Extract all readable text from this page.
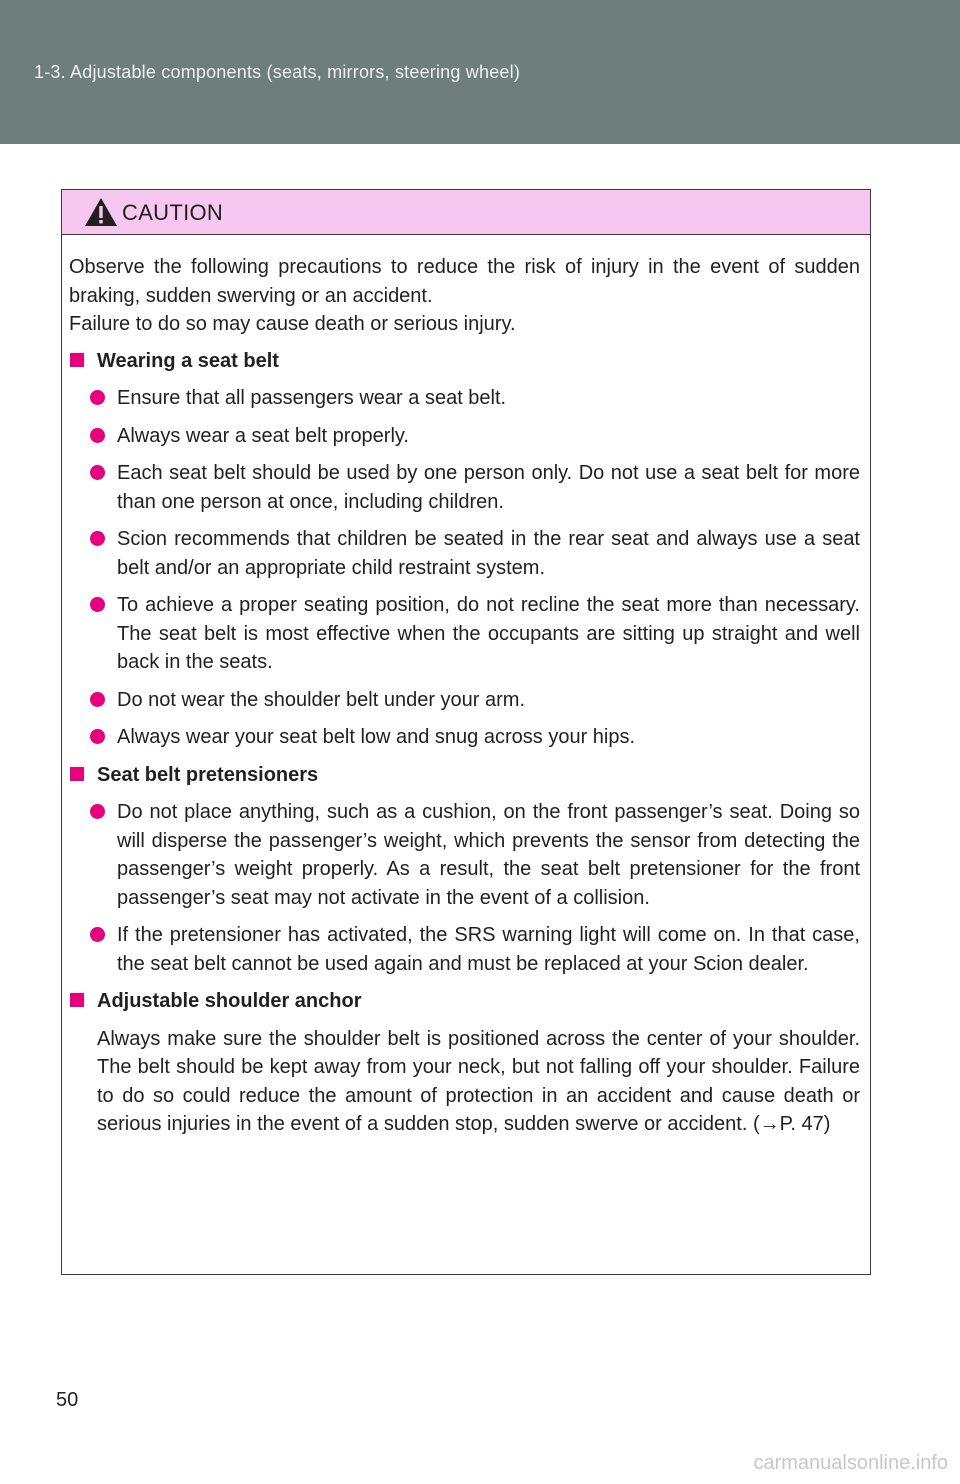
1-3. Adjustable components (seats, mirrors, steering wheel)
CAUTION

Observe the following precautions to reduce the risk of injury in the event of sudden braking, sudden swerving or an accident.
Failure to do so may cause death or serious injury.

Wearing a seat belt
Ensure that all passengers wear a seat belt.
Always wear a seat belt properly.
Each seat belt should be used by one person only. Do not use a seat belt for more than one person at once, including children.
Scion recommends that children be seated in the rear seat and always use a seat belt and/or an appropriate child restraint system.
To achieve a proper seating position, do not recline the seat more than necessary. The seat belt is most effective when the occupants are sitting up straight and well back in the seats.
Do not wear the shoulder belt under your arm.
Always wear your seat belt low and snug across your hips.
Seat belt pretensioners
Do not place anything, such as a cushion, on the front passenger’s seat. Doing so will disperse the passenger’s weight, which prevents the sensor from detecting the passenger’s weight properly. As a result, the seat belt pretensioner for the front passenger’s seat may not activate in the event of a collision.
If the pretensioner has activated, the SRS warning light will come on. In that case, the seat belt cannot be used again and must be replaced at your Scion dealer.
Adjustable shoulder anchor

Always make sure the shoulder belt is positioned across the center of your shoulder. The belt should be kept away from your neck, but not falling off your shoulder. Failure to do so could reduce the amount of protection in an accident and cause death or serious injuries in the event of a sudden stop, sudden swerve or accident. (→P. 47)

50
carmanualsonline.info
